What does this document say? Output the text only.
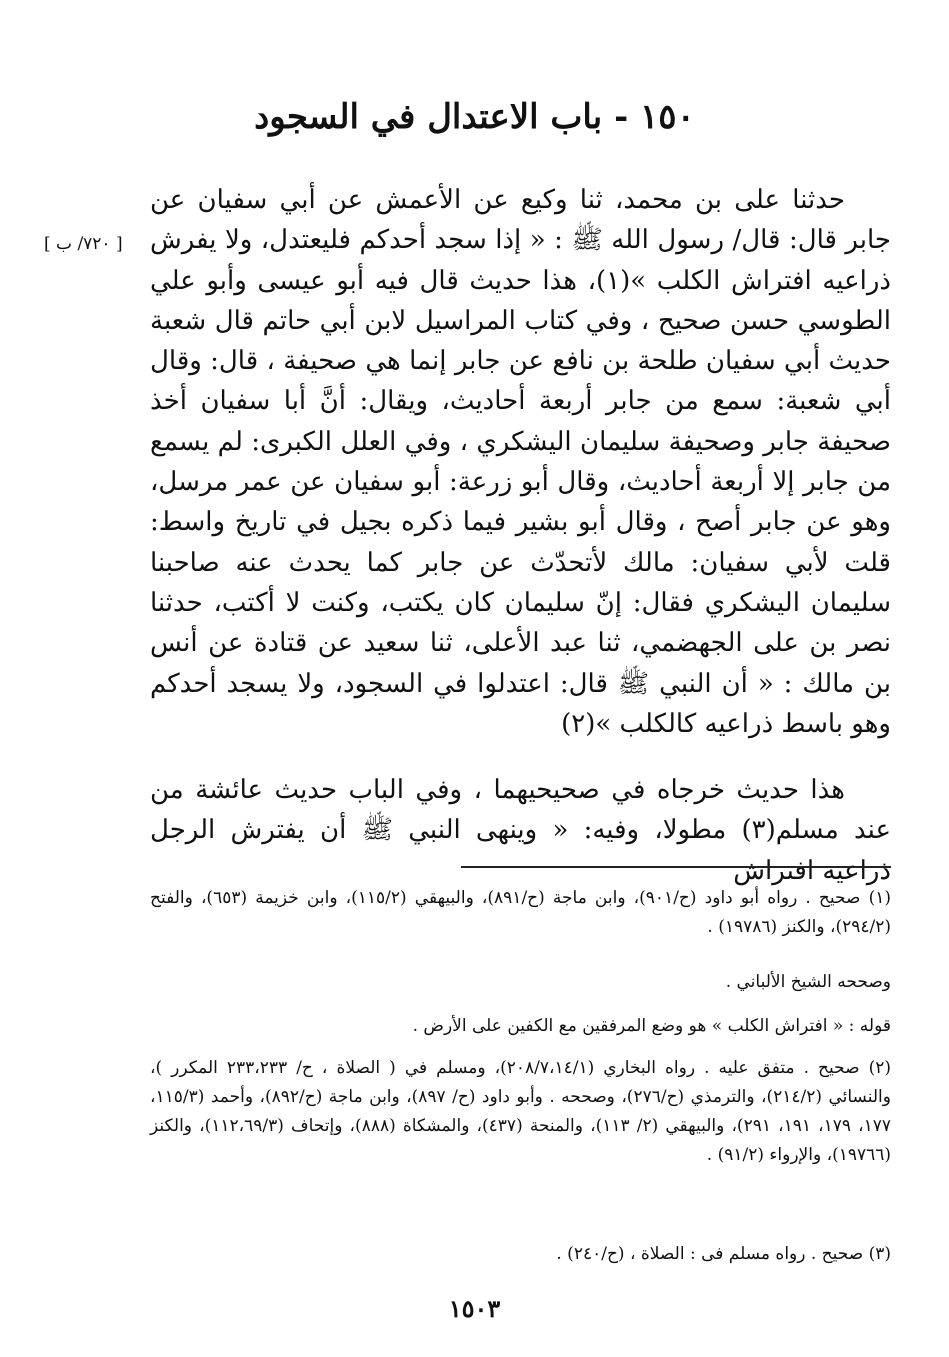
١٥٠ - باب الاعتدال في السجود
[ ٧٢٠/ ب ]

حدثنا على بن محمد، ثنا وكيع عن الأعمش عن أبي سفيان عن جابر قال: قال/ رسول الله ﷺ : « إذا سجد أحدكم فليعتدل، ولا يفرش ذراعيه افتراش الكلب »(١)، هذا حديث قال فيه أبو عيسى وأبو علي الطوسي حسن صحيح ، وفي كتاب المراسيل لابن أبي حاتم قال شعبة حديث أبي سفيان طلحة بن نافع عن جابر إنما هي صحيفة ، قال: وقال أبي شعبة: سمع من جابر أربعة أحاديث، ويقال: أنَّ أبا سفيان أخذ صحيفة جابر وصحيفة سليمان اليشكري ، وفي العلل الكبرى: لم يسمع من جابر إلا أربعة أحاديث، وقال أبو زرعة: أبو سفيان عن عمر مرسل، وهو عن جابر أصح ، وقال أبو بشير فيما ذكره بجيل في تاريخ واسط: قلت لأبي سفيان: مالك لأتحدّث عن جابر كما يحدث عنه صاحبنا سليمان اليشكري فقال: إنّ سليمان كان يكتب، وكنت لا أكتب، حدثنا نصر بن على الجهضمي، ثنا عبد الأعلى، ثنا سعيد عن قتادة عن أنس بن مالك : « أن النبي ﷺ قال: اعتدلوا في السجود، ولا يسجد أحدكم وهو باسط ذراعيه كالكلب »(٢)

هذا حديث خرجاه في صحيحيهما ، وفي الباب حديث عائشة من عند مسلم(٣) مطولا، وفيه: « وينهى النبي ﷺ أن يفترش الرجل ذراعيه افتراش

(١) صحيح . رواه أبو داود (ح/٩٠١)، وابن ماجة (ح/٨٩١)، والبيهقي (١١٥/٢)، وابن خزيمة (٦٥٣)، والفتح (٢٩٤/٢)، والكنز (١٩٧٨٦) .

وصححه الشيخ الألباني .

قوله : « افتراش الكلب » هو وضع المرفقين مع الكفين على الأرض .

(٢) صحيح . متفق عليه . رواه البخاري (٢٠٨/٧،١٤/١)، ومسلم في ( الصلاة ، ح/ ٢٣٣،٢٣٣ المكرر )، والنسائي (٢١٤/٢)، والترمذي (ح/٢٧٦)، وصححه . وأبو داود (ح/ ٨٩٧)، وابن ماجة (ح/٨٩٢)، وأحمد (١١٥/٣، ١٧٧، ١٧٩، ١٩١، ٢٩١)، والبيهقي (٢/ ١١٣)، والمنحة (٤٣٧)، والمشكاة (٨٨٨)، وإتحاف (١١٢،٦٩/٣)، والكنز (١٩٧٦٦)، والإرواء (٩١/٢) .

(٣) صحيح . رواه مسلم فى : الصلاة ، (ح/٢٤٠) .

١٥٠٣
